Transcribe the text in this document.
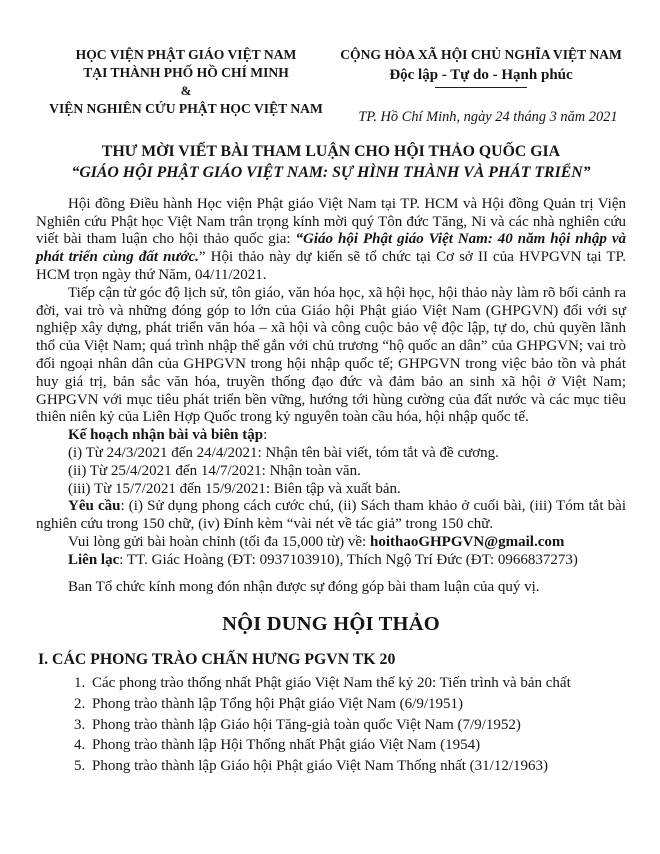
HỌC VIỆN PHẬT GIÁO VIỆT NAM
TẠI THÀNH PHỐ HỒ CHÍ MINH
&
VIỆN NGHIÊN CỨU PHẬT HỌC VIỆT NAM
CỘNG HÒA XÃ HỘI CHỦ NGHĨA VIỆT NAM
Độc lập - Tự do - Hạnh phúc
TP. Hồ Chí Minh, ngày 24 tháng 3 năm 2021
THƯ MỜI VIẾT BÀI THAM LUẬN CHO HỘI THẢO QUỐC GIA
“GIÁO HỘI PHẬT GIÁO VIỆT NAM: SỰ HÌNH THÀNH VÀ PHÁT TRIỂN”

Hội đồng Điều hành Học viện Phật giáo Việt Nam tại TP. HCM và Hội đồng Quản trị Viện Nghiên cứu Phật học Việt Nam trân trọng kính mời quý Tôn đức Tăng, Ni và các nhà nghiên cứu viết bài tham luận cho hội thảo quốc gia: “Giáo hội Phật giáo Việt Nam: 40 năm hội nhập và phát triển cùng đất nước.” Hội thảo này dự kiến sẽ tổ chức tại Cơ sở II của HVPGVN tại TP. HCM trọn ngày thứ Năm, 04/11/2021.

Tiếp cận từ góc độ lịch sử, tôn giáo, văn hóa học, xã hội học, hội thảo này làm rõ bối cảnh ra đời, vai trò và những đóng góp to lớn của Giáo hội Phật giáo Việt Nam (GHPGVN) đối với sự nghiệp xây dựng, phát triển văn hóa – xã hội và công cuộc bảo vệ độc lập, tự do, chủ quyền lãnh thổ của Việt Nam; quá trình nhập thế gắn với chủ trương “hộ quốc an dân” của GHPGVN; vai trò đối ngoại nhân dân của GHPGVN trong hội nhập quốc tế; GHPGVN trong việc bảo tồn và phát huy giá trị, bản sắc văn hóa, truyền thống đạo đức và đảm bảo an sinh xã hội ở Việt Nam; GHPGVN với mục tiêu phát triển bền vững, hướng tới hùng cường của đất nước và các mục tiêu thiên niên kỷ của Liên Hợp Quốc trong kỷ nguyên toàn cầu hóa, hội nhập quốc tế.

Kế hoạch nhận bài và biên tập:
(i) Từ 24/3/2021 đến 24/4/2021: Nhận tên bài viết, tóm tắt và đề cương.
(ii) Từ 25/4/2021 đến 14/7/2021: Nhận toàn văn.
(iii) Từ 15/7/2021 đến 15/9/2021: Biên tập và xuất bản.

Yêu cầu: (i) Sử dụng phong cách cước chú, (ii) Sách tham khảo ở cuối bài, (iii) Tóm tắt bài nghiên cứu trong 150 chữ, (iv) Đính kèm “vài nét về tác giả” trong 150 chữ.

Vui lòng gửi bài hoàn chỉnh (tối đa 15,000 từ) về: hoithaoGHPGVN@gmail.com
Liên lạc: TT. Giác Hoàng (ĐT: 0937103910), Thích Ngộ Trí Đức (ĐT: 0966837273)
Ban Tổ chức kính mong đón nhận được sự đóng góp bài tham luận của quý vị.
NỘI DUNG HỘI THẢO
I. CÁC PHONG TRÀO CHẤN HƯNG PGVN TK 20
1. Các phong trào thống nhất Phật giáo Việt Nam thế kỷ 20: Tiến trình và bản chất
2. Phong trào thành lập Tổng hội Phật giáo Việt Nam (6/9/1951)
3. Phong trào thành lập Giáo hội Tăng-già toàn quốc Việt Nam (7/9/1952)
4. Phong trào thành lập Hội Thống nhất Phật giáo Việt Nam (1954)
5. Phong trào thành lập Giáo hội Phật giáo Việt Nam Thống nhất (31/12/1963)
